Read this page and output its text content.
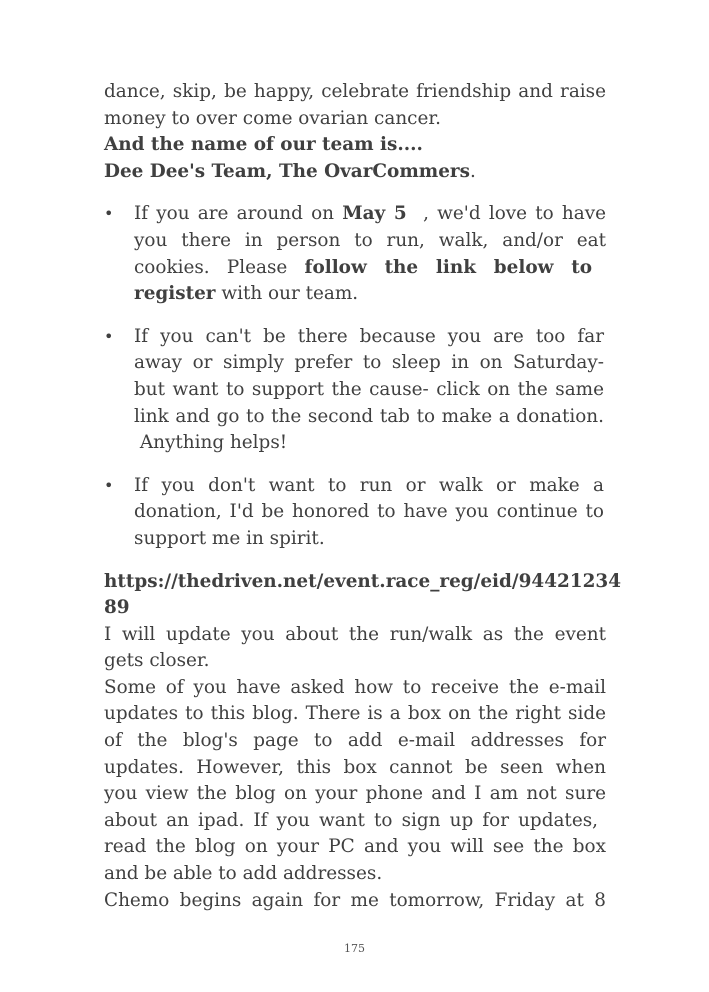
dance, skip, be happy, celebrate friendship and raise

money to over come ovarian cancer.

And the name of our team is....

Dee Dee's Team, The OvarCommers.

• If you are around on May 5  , we'd love to have
you there in person to run, walk, and/or eat
cookies. Please follow the link below to
register with our team.
• If you can't be there because you are too far
away or simply prefer to sleep in on Saturday-
but want to support the cause- click on the same
link and go to the second tab to make a donation.
Anything helps!
• If you don't want to run or walk or make a
donation, I'd be honored to have you continue to
support me in spirit.
https://thedriven.net/event.race_reg/eid/94421234
89

I will update you about the run/walk as the event

gets closer.

Some of you have asked how to receive the e-mail

updates to this blog. There is a box on the right side

of the blog's page to add e-mail addresses for

updates. However, this box cannot be seen when

you view the blog on your phone and I am not sure

about an ipad. If you want to sign up for updates,

read the blog on your PC and you will see the box

and be able to add addresses.

Chemo begins again for me tomorrow, Friday at 8

175
